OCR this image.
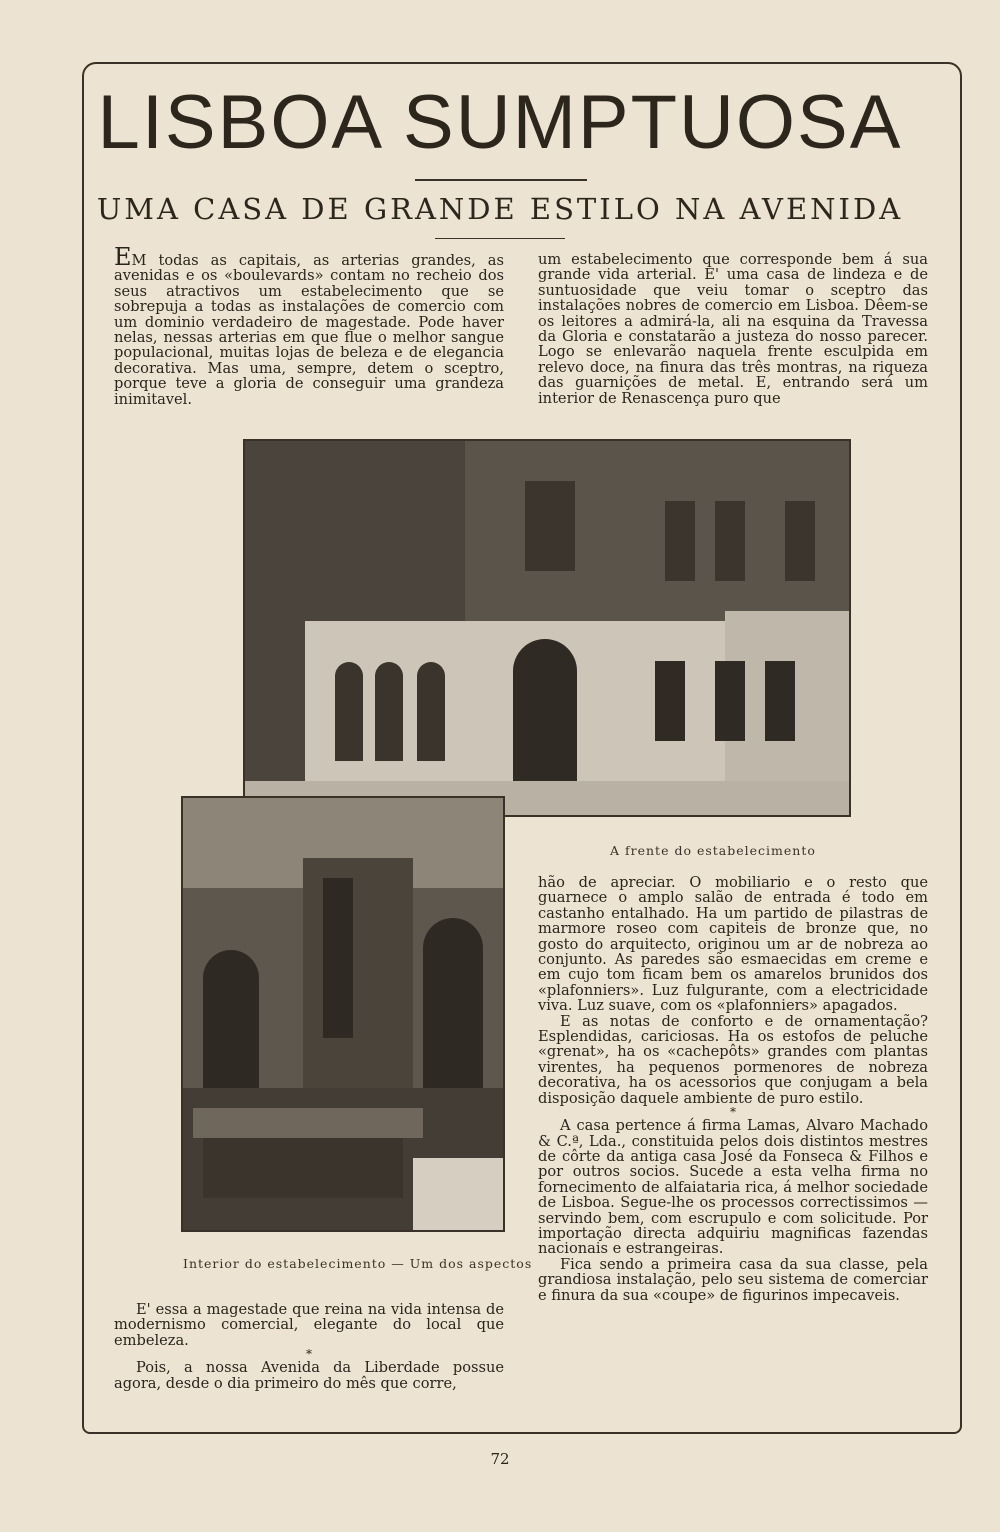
LISBOA SUMPTUOSA
UMA CASA DE GRANDE ESTILO NA AVENIDA

EM todas as capitais, as arterias grandes, as avenidas e os «boulevards» contam no recheio dos seus atractivos um estabelecimento que se sobrepuja a todas as instalações de comercio com um dominio verdadeiro de magestade. Pode haver nelas, nessas arterias em que flue o melhor sangue populacional, muitas lojas de beleza e de elegancia decorativa. Mas uma, sempre, detem o sceptro, porque teve a gloria de conseguir uma grandeza inimitavel.

um estabelecimento que corresponde bem á sua grande vida arterial. E' uma casa de lindeza e de suntuosidade que veiu tomar o sceptro das instalações nobres de comercio em Lisboa. Dêem-se os leitores a admirá-la, ali na esquina da Travessa da Gloria e constatarão a justeza do nosso parecer. Logo se enlevarão naquela frente esculpida em relevo doce, na finura das três montras, na riqueza das guarnições de metal. E, entrando será um interior de Renascença puro que

A frente do estabelecimento
Interior do estabelecimento — Um dos aspectos

hão de apreciar. O mobiliario e o resto que guarnece o amplo salão de entrada é todo em castanho entalhado. Ha um partido de pilastras de marmore roseo com capiteis de bronze que, no gosto do arquitecto, originou um ar de nobreza ao conjunto. As paredes são esmaecidas em creme e em cujo tom ficam bem os amarelos brunidos dos «plafonniers». Luz fulgurante, com a electricidade viva. Luz suave, com os «plafonniers» apagados.

E as notas de conforto e de ornamentação? Esplendidas, cariciosas. Ha os estofos de peluche «grenat», ha os «cachepôts» grandes com plantas virentes, ha pequenos pormenores de nobreza decorativa, ha os acessorios que conjugam a bela disposição daquele ambiente de puro estilo.

*

A casa pertence á firma Lamas, Alvaro Machado & C.ª, Lda., constituida pelos dois distintos mestres de côrte da antiga casa José da Fonseca & Filhos e por outros socios. Sucede a esta velha firma no fornecimento de alfaiataria rica, á melhor sociedade de Lisboa. Segue-lhe os processos correctissimos — servindo bem, com escrupulo e com solicitude. Por importação directa adquiriu magnificas fazendas nacionais e estrangeiras.

Fica sendo a primeira casa da sua classe, pela grandiosa instalação, pelo seu sistema de comerciar e finura da sua «coupe» de figurinos impecaveis.

E' essa a magestade que reina na vida intensa de modernismo comercial, elegante do local que embeleza.

*

Pois, a nossa Avenida da Liberdade possue agora, desde o dia primeiro do mês que corre,

72
